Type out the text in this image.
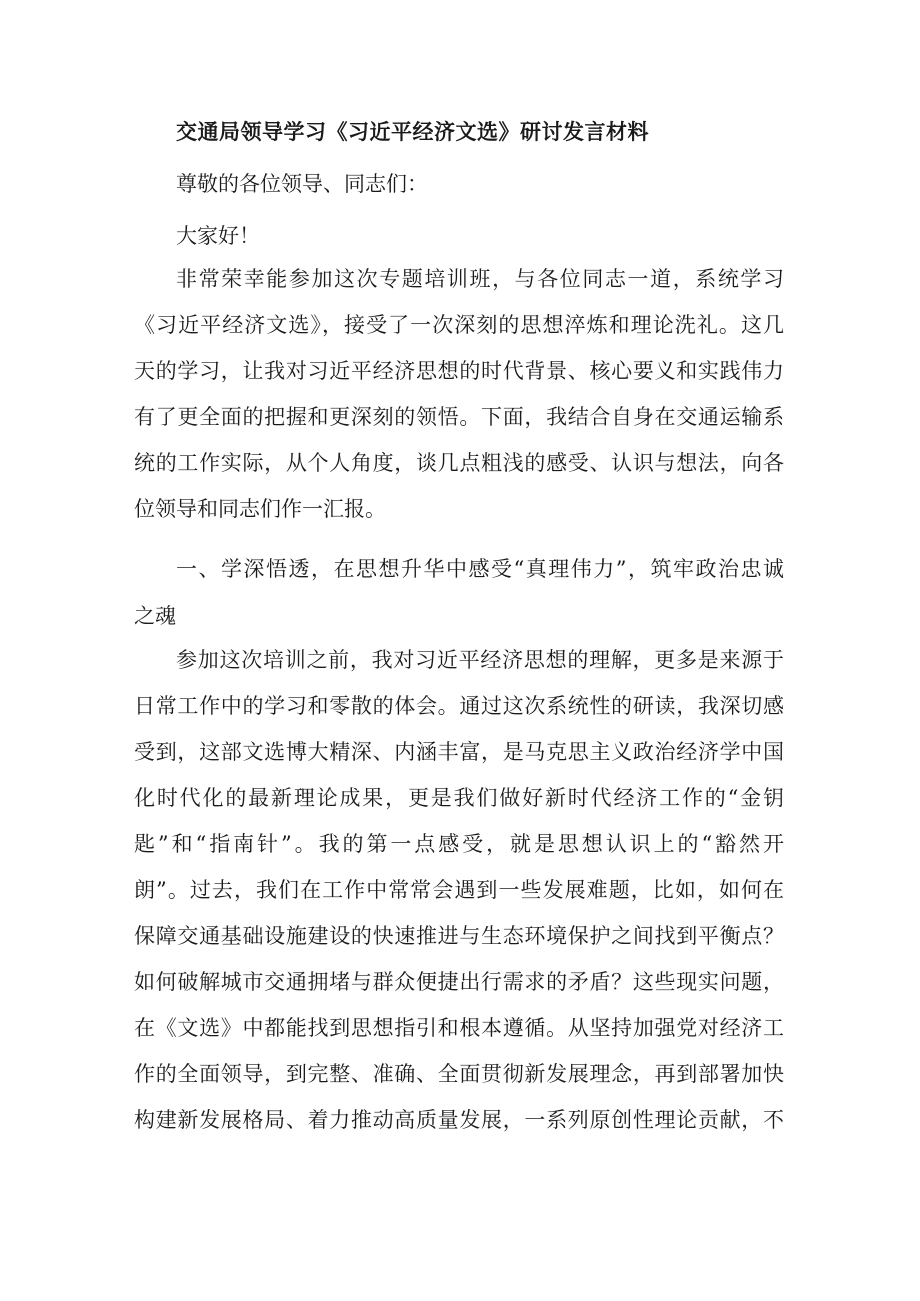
交通局领导学习《习近平经济文选》研讨发言材料
尊敬的各位领导、同志们：
大家好！
非常荣幸能参加这次专题培训班，与各位同志一道，系统学习
《习近平经济文选》，接受了一次深刻的思想淬炼和理论洗礼。这几
天的学习，让我对习近平经济思想的时代背景、核心要义和实践伟力
有了更全面的把握和更深刻的领悟。下面，我结合自身在交通运输系
统的工作实际，从个人角度，谈几点粗浅的感受、认识与想法，向各
位领导和同志们作一汇报。
一、学深悟透，在思想升华中感受“真理伟力”，筑牢政治忠诚
之魂
参加这次培训之前，我对习近平经济思想的理解，更多是来源于
日常工作中的学习和零散的体会。通过这次系统性的研读，我深切感
受到，这部文选博大精深、内涵丰富，是马克思主义政治经济学中国
化时代化的最新理论成果，更是我们做好新时代经济工作的“金钥
匙”和“指南针”。我的第一点感受，就是思想认识上的“豁然开
朗”。过去，我们在工作中常常会遇到一些发展难题，比如，如何在
保障交通基础设施建设的快速推进与生态环境保护之间找到平衡点？
如何破解城市交通拥堵与群众便捷出行需求的矛盾？这些现实问题，
在《文选》中都能找到思想指引和根本遵循。从坚持加强党对经济工
作的全面领导，到完整、准确、全面贯彻新发展理念，再到部署加快
构建新发展格局、着力推动高质量发展，一系列原创性理论贡献，不
